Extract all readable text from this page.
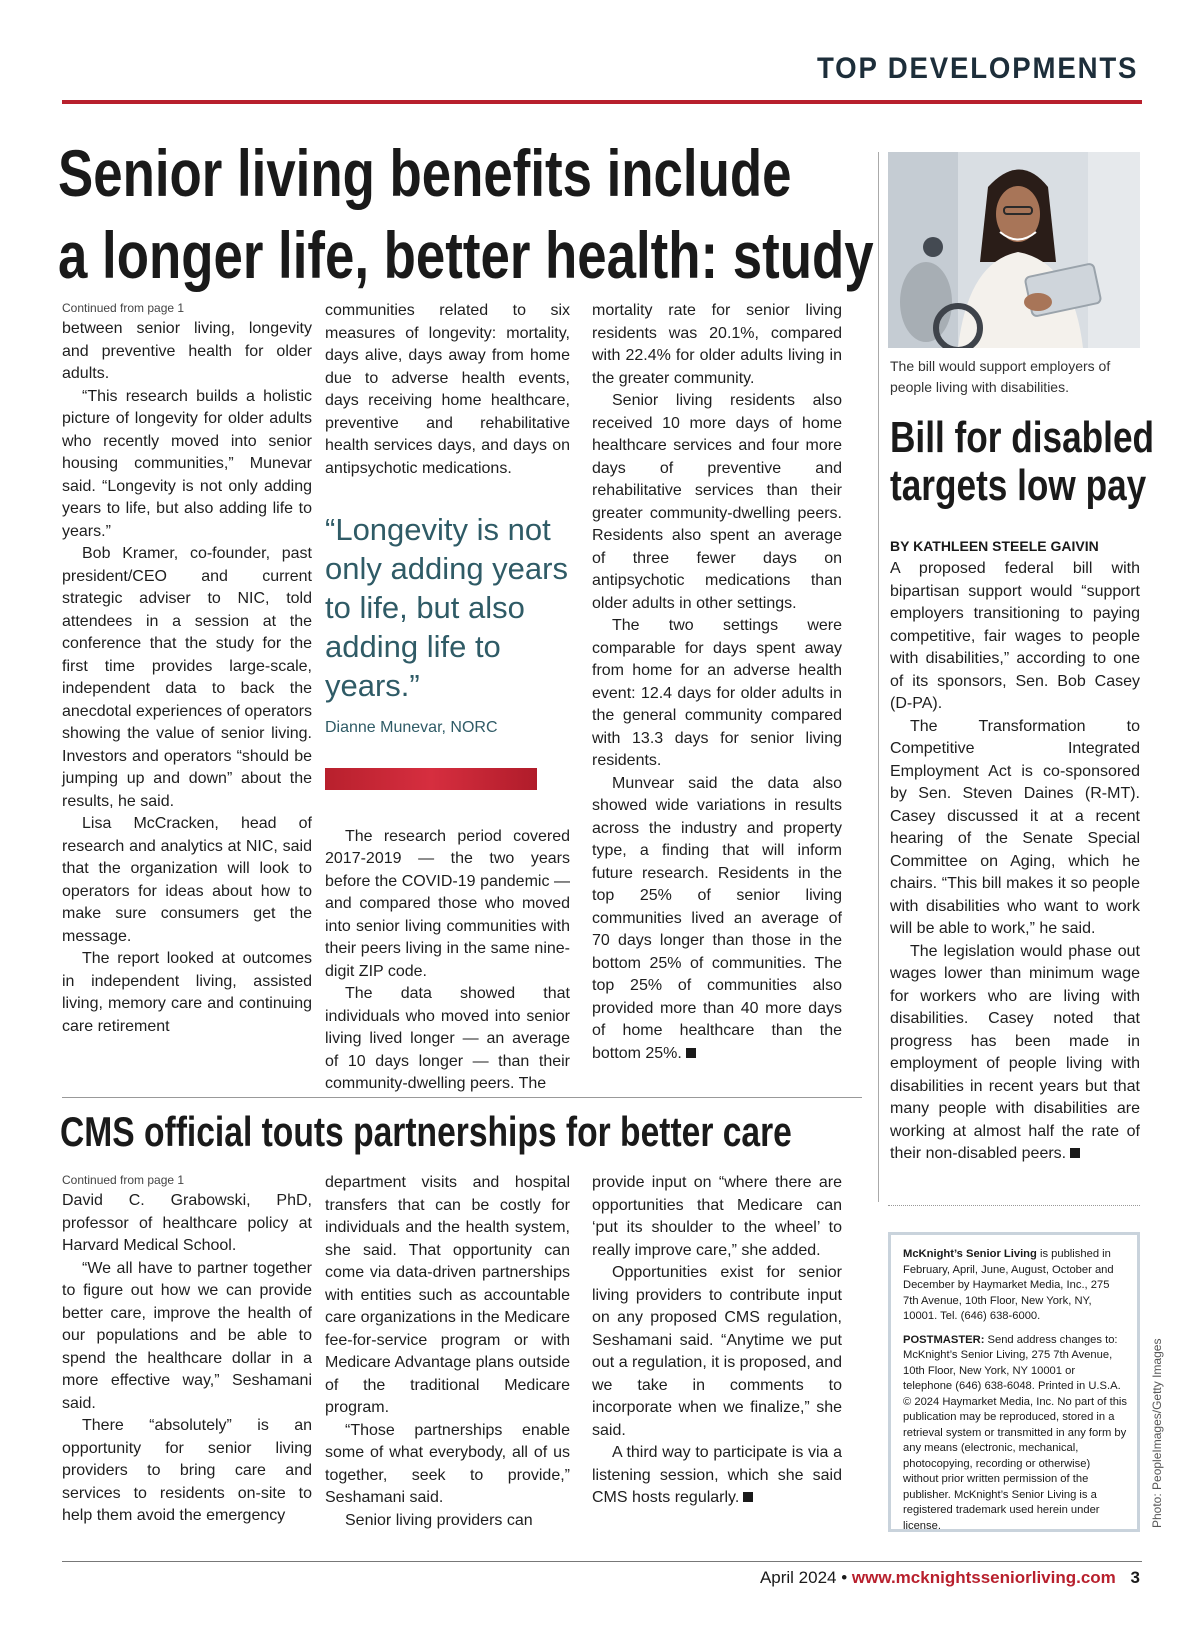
TOP DEVELOPMENTS
Senior living benefits include
a longer life, better health: study
Continued from page 1

between senior living, longevity and preventive health for older adults.

“This research builds a holistic picture of longevity for older adults who recently moved into senior housing communities,” Munevar said. “Longevity is not only adding years to life, but also adding life to years.”

Bob Kramer, co-founder, past president/CEO and current strategic adviser to NIC, told attendees in a session at the conference that the study for the first time provides large-scale, independent data to back the anecdotal experiences of operators showing the value of senior living. Investors and operators “should be jumping up and down” about the results, he said.

Lisa McCracken, head of research and analytics at NIC, said that the organization will look to operators for ideas about how to make sure consumers get the message.

The report looked at outcomes in independent living, assisted living, memory care and continuing care retirement

communities related to six measures of longevity: mortality, days alive, days away from home due to adverse health events, days receiving home healthcare, preventive and rehabilitative health services days, and days on antipsychotic medications.

“Longevity is not only adding years to life, but also adding life to years.”
Dianne Munevar, NORC

The research period covered 2017-2019 — the two years before the COVID-19 pandemic — and compared those who moved into senior living communities with their peers living in the same nine-digit ZIP code.

The data showed that individuals who moved into senior living lived longer — an average of 10 days longer — than their community-dwelling peers. The

mortality rate for senior living residents was 20.1%, compared with 22.4% for older adults living in the greater community.

Senior living residents also received 10 more days of home healthcare services and four more days of preventive and rehabilitative services than their greater community-dwelling peers. Residents also spent an average of three fewer days on antipsychotic medications than older adults in other settings.

The two settings were comparable for days spent away from home for an adverse health event: 12.4 days for older adults in the general community compared with 13.3 days for senior living residents.

Munvear said the data also showed wide variations in results across the industry and property type, a finding that will inform future research. Residents in the top 25% of senior living communities lived an average of 70 days longer than those in the bottom 25% of communities. The top 25% of communities also provided more than 40 more days of home healthcare than the bottom 25%.

CMS official touts partnerships for better care
Continued from page 1

David C. Grabowski, PhD, professor of healthcare policy at Harvard Medical School.

“We all have to partner together to figure out how we can provide better care, improve the health of our populations and be able to spend the healthcare dollar in a more effective way,” Seshamani said.

There “absolutely” is an opportunity for senior living providers to bring care and services to residents on-site to help them avoid the emergency

department visits and hospital transfers that can be costly for individuals and the health system, she said. That opportunity can come via data-driven partnerships with entities such as accountable care organizations in the Medicare fee-for-service program or with Medicare Advantage plans outside of the traditional Medicare program.

“Those partnerships enable some of what everybody, all of us together, seek to provide,” Seshamani said.

Senior living providers can

provide input on “where there are opportunities that Medicare can ‘put its shoulder to the wheel’ to really improve care,” she added.

Opportunities exist for senior living providers to contribute input on any proposed CMS regulation, Seshamani said. “Anytime we put out a regulation, it is proposed, and we take in comments to incorporate when we finalize,” she said.

A third way to participate is via a listening session, which she said CMS hosts regularly.

The bill would support employers of people living with disabilities.
Bill for disabled
targets low pay
BY KATHLEEN STEELE GAIVIN

A proposed federal bill with bipartisan support would “support employers transitioning to paying competitive, fair wages to people with disabilities,” according to one of its sponsors, Sen. Bob Casey (D-PA).

The Transformation to Competitive Integrated Employment Act is co-sponsored by Sen. Steven Daines (R-MT). Casey discussed it at a recent hearing of the Senate Special Committee on Aging, which he chairs. “This bill makes it so people with disabilities who want to work will be able to work,” he said.

The legislation would phase out wages lower than minimum wage for workers who are living with disabilities. Casey noted that progress has been made in employment of people living with disabilities in recent years but that many people with disabilities are working at almost half the rate of their non-disabled peers.

McKnight’s Senior Living is published in February, April, June, August, October and December by Haymarket Media, Inc., 275 7th Avenue, 10th Floor, New York, NY, 10001. Tel. (646) 638-6000.

POSTMASTER: Send address changes to: McKnight’s Senior Living, 275 7th Avenue, 10th Floor, New York, NY 10001 or telephone (646) 638-6048. Printed in U.S.A. © 2024 Haymarket Media, Inc. No part of this publication may be reproduced, stored in a retrieval system or transmitted in any form by any means (electronic, mechanical, photocopying, recording or otherwise) without prior written permission of the publisher. McKnight’s Senior Living is a registered trademark used herein under license.	Photo: PeopleImages/Getty Images
April 2024 • www.mcknightsseniorliving.com 3
